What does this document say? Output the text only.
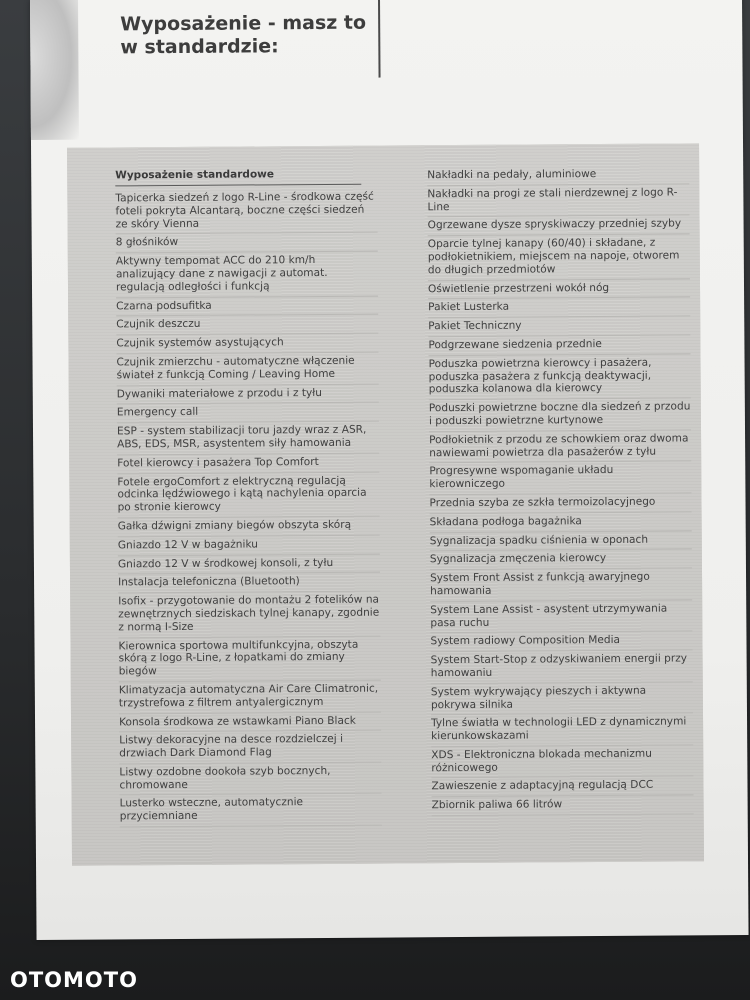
Wyposażenie - masz to
w standardzie:
Wyposażenie standardowe

Tapicerka siedzeń z logo R-Line - środkowa część foteli pokryta Alcantarą, boczne części siedzeń ze skóry Vienna

8 głośników

Aktywny tempomat ACC do 210 km/h analizujący dane z nawigacji z automat. regulacją odległości i funkcją

Czarna podsufitka

Czujnik deszczu

Czujnik systemów asystujących

Czujnik zmierzchu - automatyczne włączenie świateł z funkcją Coming / Leaving Home

Dywaniki materiałowe z przodu i z tyłu

Emergency call

ESP - system stabilizacji toru jazdy wraz z ASR, ABS, EDS, MSR, asystentem siły hamowania

Fotel kierowcy i pasażera Top Comfort

Fotele ergoComfort z elektryczną regulacją odcinka lędźwiowego i kątą nachylenia oparcia po stronie kierowcy

Gałka dźwigni zmiany biegów obszyta skórą

Gniazdo 12 V w bagażniku

Gniazdo 12 V w środkowej konsoli, z tyłu

Instalacja telefoniczna (Bluetooth)

Isofix - przygotowanie do montażu 2 fotelików na zewnętrznych siedziskach tylnej kanapy, zgodnie z normą I-Size

Kierownica sportowa multifunkcyjna, obszyta skórą z logo R-Line, z łopatkami do zmiany biegów

Klimatyzacja automatyczna Air Care Climatronic, trzystrefowa z filtrem antyalergicznym

Konsola środkowa ze wstawkami Piano Black

Listwy dekoracyjne na desce rozdzielczej i drzwiach Dark Diamond Flag

Listwy ozdobne dookoła szyb bocznych, chromowane

Lusterko wsteczne, automatycznie przyciemniane

Nakładki na pedały, aluminiowe

Nakładki na progi ze stali nierdzewnej z logo R-Line

Ogrzewane dysze spryskiwaczy przedniej szyby

Oparcie tylnej kanapy (60/40) i składane, z podłokietnikiem, miejscem na napoje, otworem do długich przedmiotów

Oświetlenie przestrzeni wokół nóg

Pakiet Lusterka

Pakiet Techniczny

Podgrzewane siedzenia przednie

Poduszka powietrzna kierowcy i pasażera, poduszka pasażera z funkcją deaktywacji, poduszka kolanowa dla kierowcy

Poduszki powietrzne boczne dla siedzeń z przodu i poduszki powietrzne kurtynowe

Podłokietnik z przodu ze schowkiem oraz dwoma nawiewami powietrza dla pasażerów z tyłu

Progresywne wspomaganie układu kierowniczego

Przednia szyba ze szkła termoizolacyjnego

Składana podłoga bagażnika

Sygnalizacja spadku ciśnienia w oponach

Sygnalizacja zmęczenia kierowcy

System Front Assist z funkcją awaryjnego hamowania

System Lane Assist - asystent utrzymywania pasa ruchu

System radiowy Composition Media

System Start-Stop z odzyskiwaniem energii przy hamowaniu

System wykrywający pieszych i aktywna pokrywa silnika

Tylne światła w technologii LED z dynamicznymi kierunkowskazami

XDS - Elektroniczna blokada mechanizmu różnicowego

Zawieszenie z adaptacyjną regulacją DCC

Zbiornik paliwa 66 litrów

OTOMOTO
